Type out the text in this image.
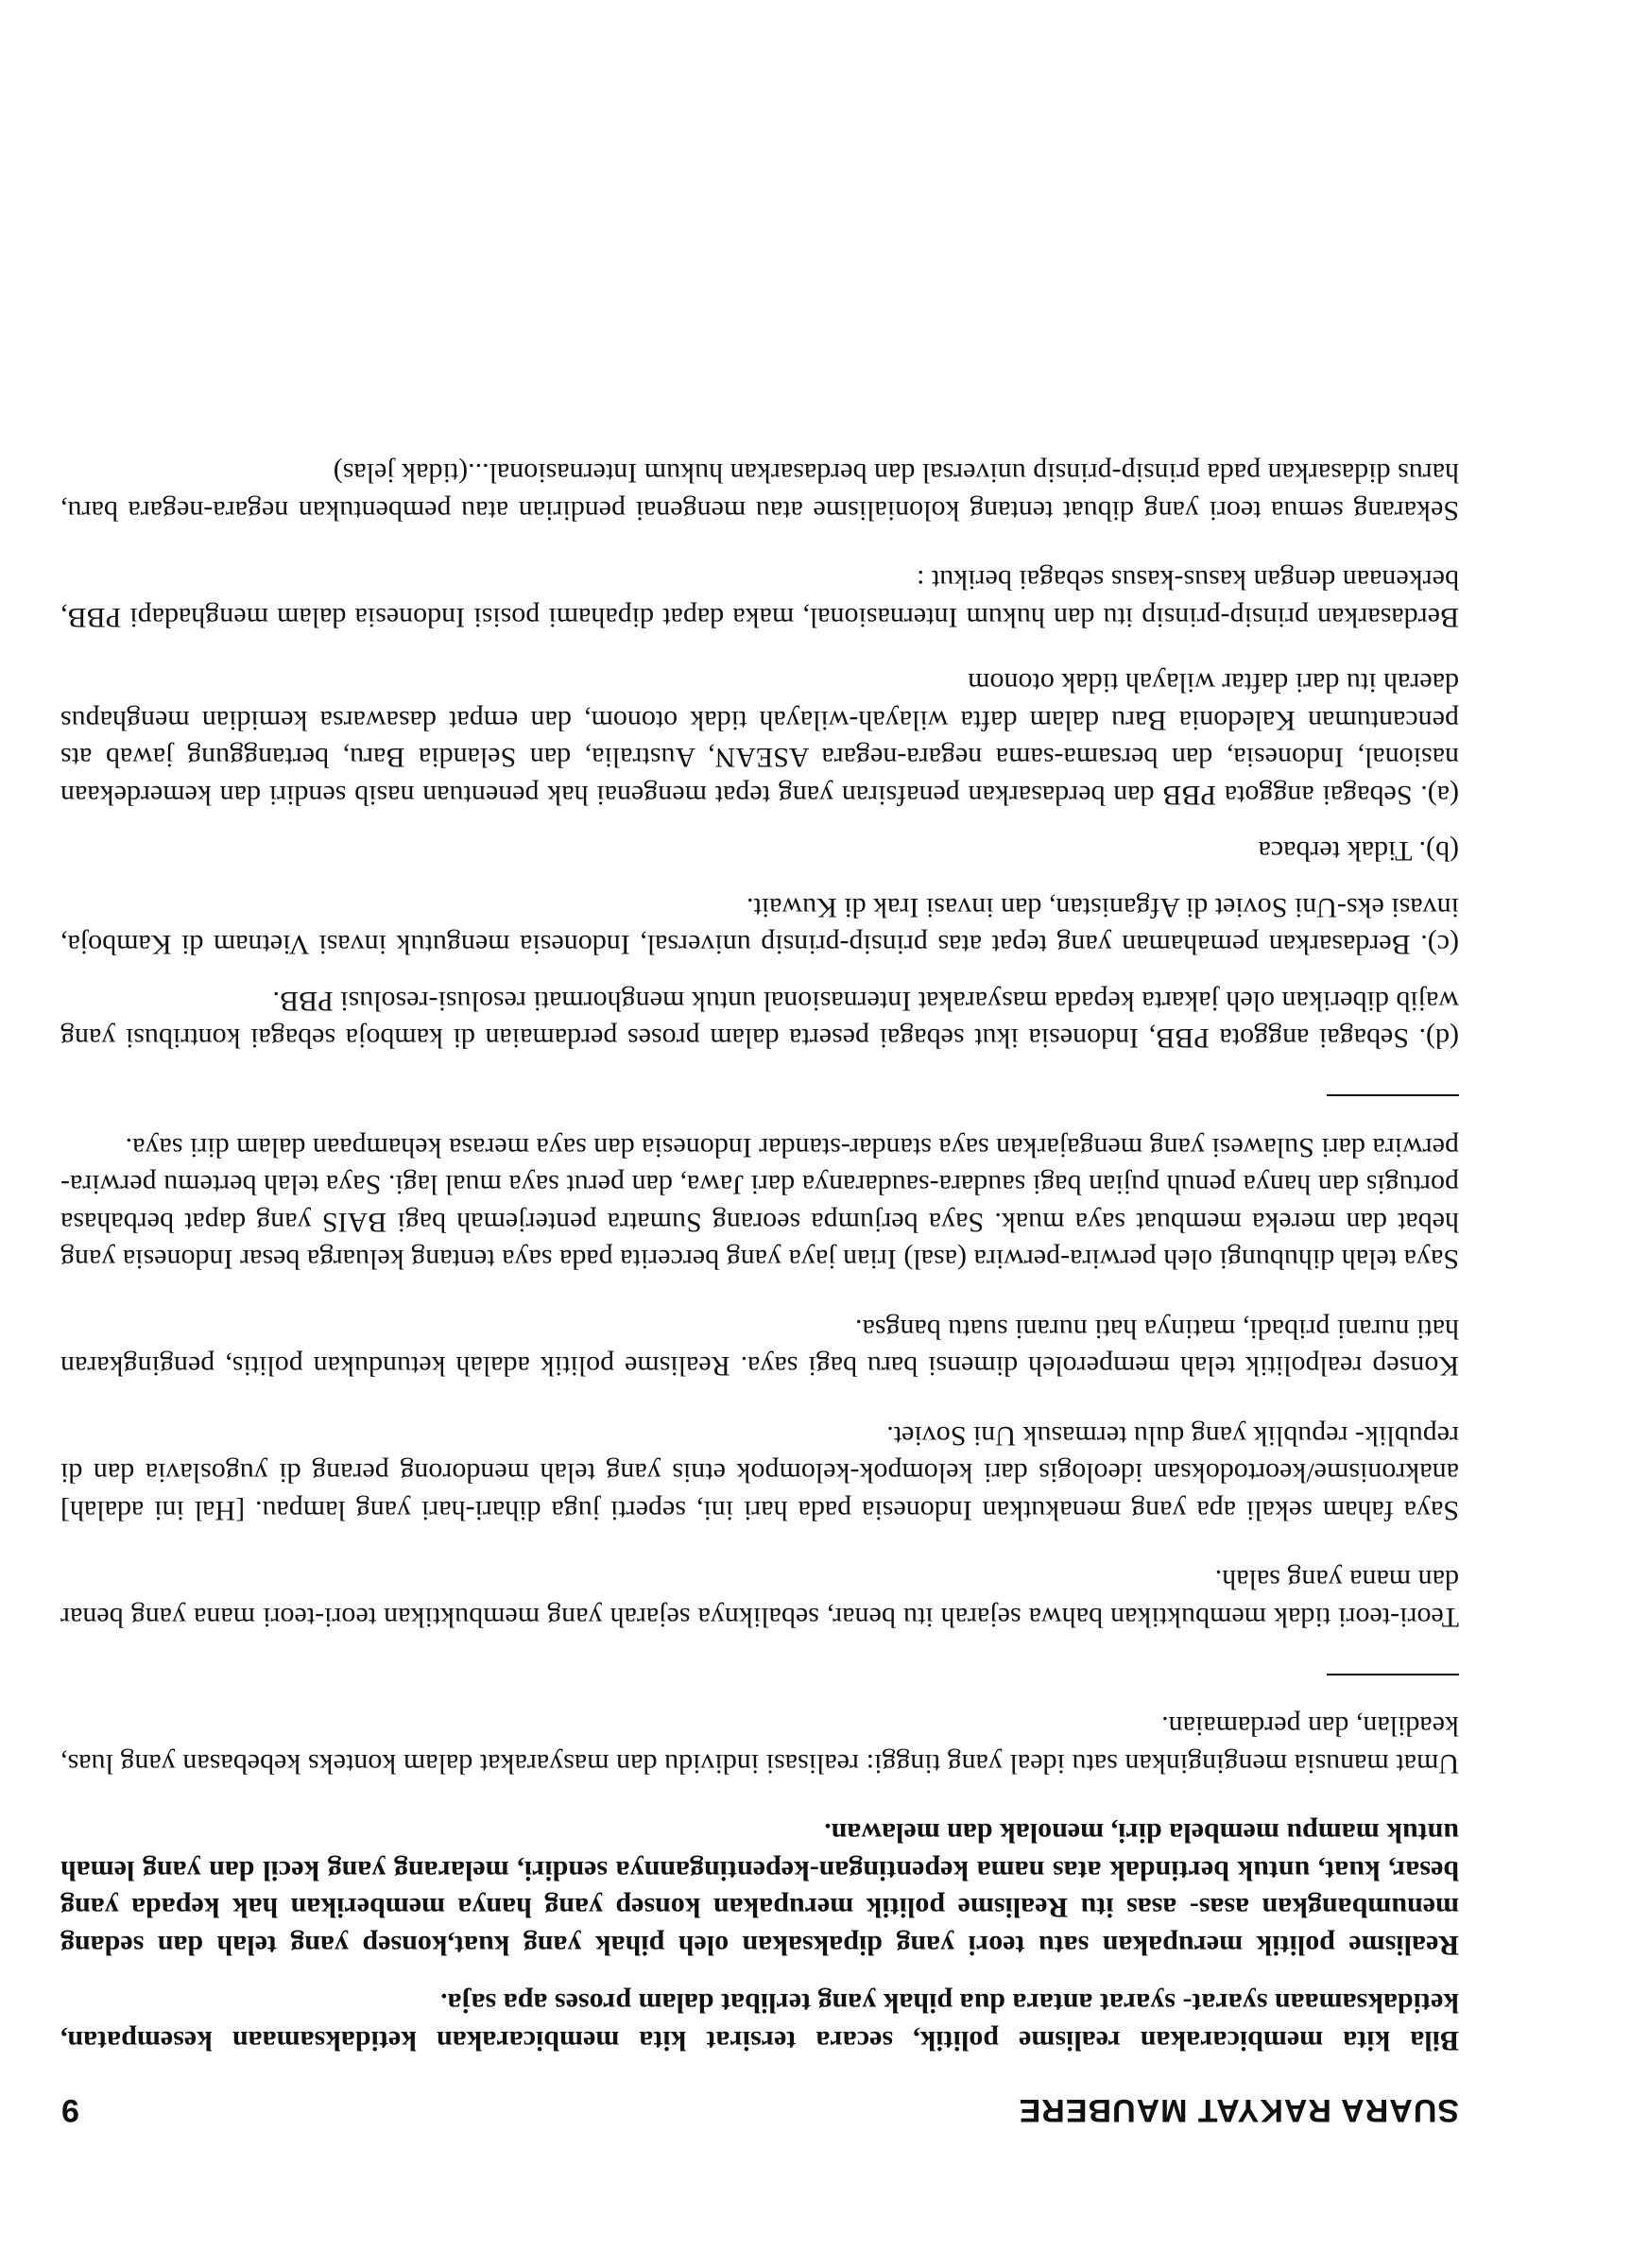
SUARA RAKYAT MAUBERE
9

Bila kita membicarakan realisme politik, secara tersirat kita membicarakan ketidaksamaan kesempatan, ketidaksamaan syarat- syarat antara dua pihak yang terlibat dalam proses apa saja.

Realisme politik merupakan satu teori yang dipaksakan oleh pihak yang kuat,konsep yang telah dan sedang menumbangkan asas- asas itu Realisme politik merupakan konsep yang hanya memberikan hak kepada yang besar, kuat, untuk bertindak atas nama kepentingan-kepentingannya sendiri, melarang yang kecil dan yang lemah untuk mampu membela diri, menolak dan melawan.

Umat manusia menginginkan satu ideal yang tinggi: realisasi individu dan masyarakat dalam konteks kebebasan yang luas, keadilan, dan perdamaian.

Teori-teori tidak membuktikan bahwa sejarah itu benar, sebaliknya sejarah yang membuktikan teori-teori mana yang benar dan mana yang salah.

Saya faham sekali apa yang menakutkan Indonesia pada hari ini, seperti juga dihari-hari yang lampau. [Hal ini adalah] anakronisme/keortodoksan ideologis dari kelompok-kelompok etnis yang telah mendorong perang di yugoslavia dan di republik- republik yang dulu termasuk Uni Soviet.

Konsep realpolitik telah memperoleh dimensi baru bagi saya. Realisme politik adalah ketundukan politis, pengingkaran hati nurani pribadi, matinya hati nurani suatu bangsa.

Saya telah dihubungi oleh perwira-perwira (asal) Irian jaya yang bercerita pada saya tentang keluarga besar Indonesia yang hebat dan mereka membuat saya muak. Saya berjumpa seorang Sumatra penterjemah bagi BAIS yang dapat berbahasa portugis dan hanya penuh pujian bagi saudara-saudaranya dari Jawa, dan perut saya mual lagi. Saya telah bertemu perwira-perwira dari Sulawesi yang mengajarkan saya standar-standar Indonesia dan saya merasa kehampaan dalam diri saya.

(d). Sebagai anggota PBB, Indonesia ikut sebagai peserta dalam proses perdamaian di kamboja sebagai kontribusi yang wajib diberikan oleh jakarta kepada masyarakat Internasional untuk menghormati resolusi-resolusi PBB.

(c). Berdasarkan pemahaman yang tepat atas prinsip-prinsip universal, Indonesia mengutuk invasi Vietnam di Kamboja, invasi eks-Uni Soviet di Afganistan, dan invasi Irak di Kuwait.

(b). Tidak terbaca

(a). Sebagai anggota PBB dan berdasarkan penafsiran yang tepat mengenai hak penentuan nasib sendiri dan kemerdekaan nasional, Indonesia, dan bersama-sama negara-negara ASEAN, Australia, dan Selandia Baru, bertanggung jawab ats pencantuman Kaledonia Baru dalam dafta wilayah-wilayah tidak otonom, dan empat dasawarsa kemidian menghapus daerah itu dari daftar wilayah tidak otonom

Berdasarkan prinsip-prinsip itu dan hukum Internasional, maka dapat dipahami posisi Indonesia dalam menghadapi PBB, berkenaan dengan kasus-kasus sebagai berikut :

Sekarang semua teori yang dibuat tentang kolonialisme atau mengenai pendirian atau pembentukan negara-negara baru, harus didasarkan pada prinsip-prinsip universal dan berdasarkan hukum Internasional...(tidak jelas)
